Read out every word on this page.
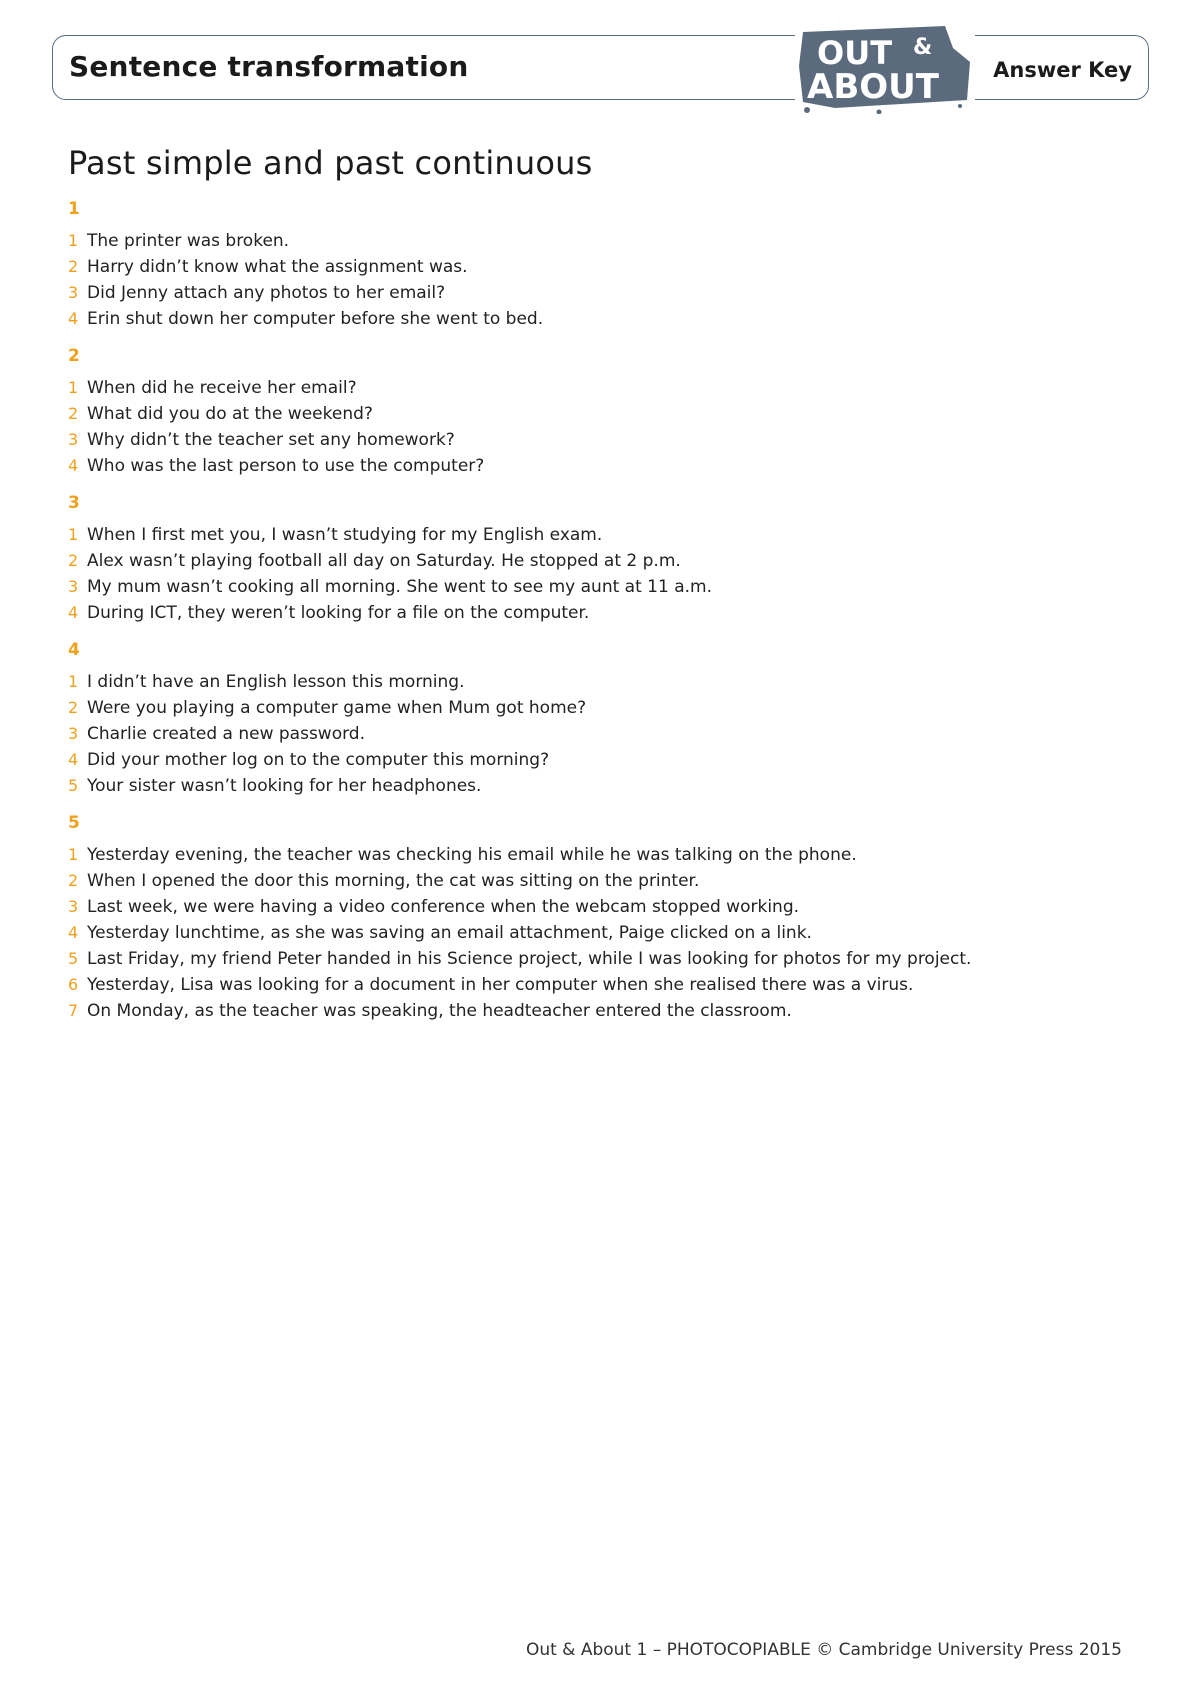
Sentence transformation	Answer Key
OUT &
ABOUT
Past simple and past continuous
1
1 The printer was broken.
2 Harry didn’t know what the assignment was.
3 Did Jenny attach any photos to her email?
4 Erin shut down her computer before she went to bed.
2
1 When did he receive her email?
2 What did you do at the weekend?
3 Why didn’t the teacher set any homework?
4 Who was the last person to use the computer?
3
1 When I first met you, I wasn’t studying for my English exam.
2 Alex wasn’t playing football all day on Saturday. He stopped at 2 p.m.
3 My mum wasn’t cooking all morning. She went to see my aunt at 11 a.m.
4 During ICT, they weren’t looking for a file on the computer.
4
1 I didn’t have an English lesson this morning.
2 Were you playing a computer game when Mum got home?
3 Charlie created a new password.
4 Did your mother log on to the computer this morning?
5 Your sister wasn’t looking for her headphones.
5
1 Yesterday evening, the teacher was checking his email while he was talking on the phone.
2 When I opened the door this morning, the cat was sitting on the printer.
3 Last week, we were having a video conference when the webcam stopped working.
4 Yesterday lunchtime, as she was saving an email attachment, Paige clicked on a link.
5 Last Friday, my friend Peter handed in his Science project, while I was looking for photos for my project.
6 Yesterday, Lisa was looking for a document in her computer when she realised there was a virus.
7 On Monday, as the teacher was speaking, the headteacher entered the classroom.
Out & About 1 – PHOTOCOPIABLE © Cambridge University Press 2015
